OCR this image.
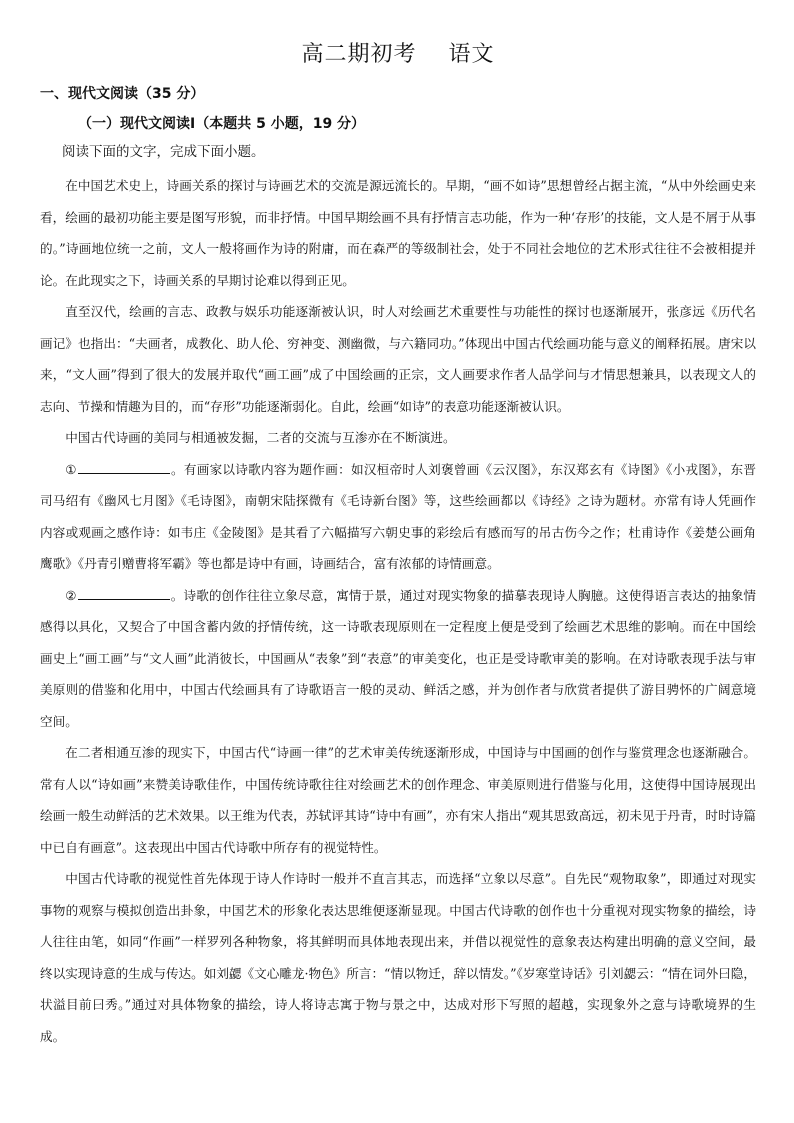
高二期初考    语文
一、现代文阅读（35 分）
（一）现代文阅读Ⅰ（本题共 5 小题，19 分）
阅读下面的文字，完成下面小题。

在中国艺术史上，诗画关系的探讨与诗画艺术的交流是源远流长的。早期，“画不如诗”思想曾经占据主流，“从中外绘画史来看，绘画的最初功能主要是图写形貌，而非抒情。中国早期绘画不具有抒情言志功能，作为一种‘存形’的技能，文人是不屑于从事的。”诗画地位统一之前，文人一般将画作为诗的附庸，而在森严的等级制社会，处于不同社会地位的艺术形式往往不会被相提并论。在此现实之下，诗画关系的早期讨论难以得到正见。

直至汉代，绘画的言志、政教与娱乐功能逐渐被认识，时人对绘画艺术重要性与功能性的探讨也逐渐展开，张彦远《历代名画记》也指出：“夫画者，成教化、助人伦、穷神变、测幽微，与六籍同功。”体现出中国古代绘画功能与意义的阐释拓展。唐宋以来，“文人画”得到了很大的发展并取代“画工画”成了中国绘画的正宗，文人画要求作者人品学问与才情思想兼具，以表现文人的志向、节操和情趣为目的，而“存形”功能逐渐弱化。自此，绘画“如诗”的表意功能逐渐被认识。

中国古代诗画的美同与相通被发掘，二者的交流与互渗亦在不断演进。

①	。有画家以诗歌内容为题作画：如汉桓帝时人刘褒曾画《云汉图》，东汉郑玄有《诗图》《小戎图》，东晋司马绍有《幽风七月图》《毛诗图》，南朝宋陆探微有《毛诗新台图》等，这些绘画都以《诗经》之诗为题材。亦常有诗人凭画作内容或观画之感作诗：如韦庄《金陵图》是其看了六幅描写六朝史事的彩绘后有感而写的吊古伤今之作；杜甫诗作《姜楚公画角鹰歌》《丹青引赠曹将军霸》等也都是诗中有画，诗画结合，富有浓郁的诗情画意。

②	。诗歌的创作往往立象尽意，寓情于景，通过对现实物象的描摹表现诗人胸臆。这使得语言表达的抽象情感得以具化，又契合了中国含蓄内敛的抒情传统，这一诗歌表现原则在一定程度上便是受到了绘画艺术思维的影响。而在中国绘画史上“画工画”与“文人画”此消彼长，中国画从“表象”到“表意”的审美变化，也正是受诗歌审美的影响。在对诗歌表现手法与审美原则的借鉴和化用中，中国古代绘画具有了诗歌语言一般的灵动、鲜活之感，并为创作者与欣赏者提供了游目骋怀的广阔意境空间。

在二者相通互渗的现实下，中国古代“诗画一律”的艺术审美传统逐渐形成，中国诗与中国画的创作与鉴赏理念也逐渐融合。常有人以“诗如画”来赞美诗歌佳作，中国传统诗歌往往对绘画艺术的创作理念、审美原则进行借鉴与化用，这使得中国诗展现出绘画一般生动鲜活的艺术效果。以王维为代表，苏轼评其诗“诗中有画”，亦有宋人指出“观其思致高远，初未见于丹青，时时诗篇中已自有画意”。这表现出中国古代诗歌中所存有的视觉特性。

中国古代诗歌的视觉性首先体现于诗人作诗时一般并不直言其志，而选择“立象以尽意”。自先民“观物取象”，即通过对现实事物的观察与模拟创造出卦象，中国艺术的形象化表达思维便逐渐显现。中国古代诗歌的创作也十分重视对现实物象的描绘，诗人往往由笔，如同“作画”一样罗列各种物象，将其鲜明而具体地表现出来，并借以视觉性的意象表达构建出明确的意义空间，最终以实现诗意的生成与传达。如刘勰《文心雕龙·物色》所言：“情以物迁，辞以情发。”《岁寒堂诗话》引刘勰云：“情在词外曰隐，状溢目前曰秀。”通过对具体物象的描绘，诗人将诗志寓于物与景之中，达成对形下写照的超越，实现象外之意与诗歌境界的生成。
